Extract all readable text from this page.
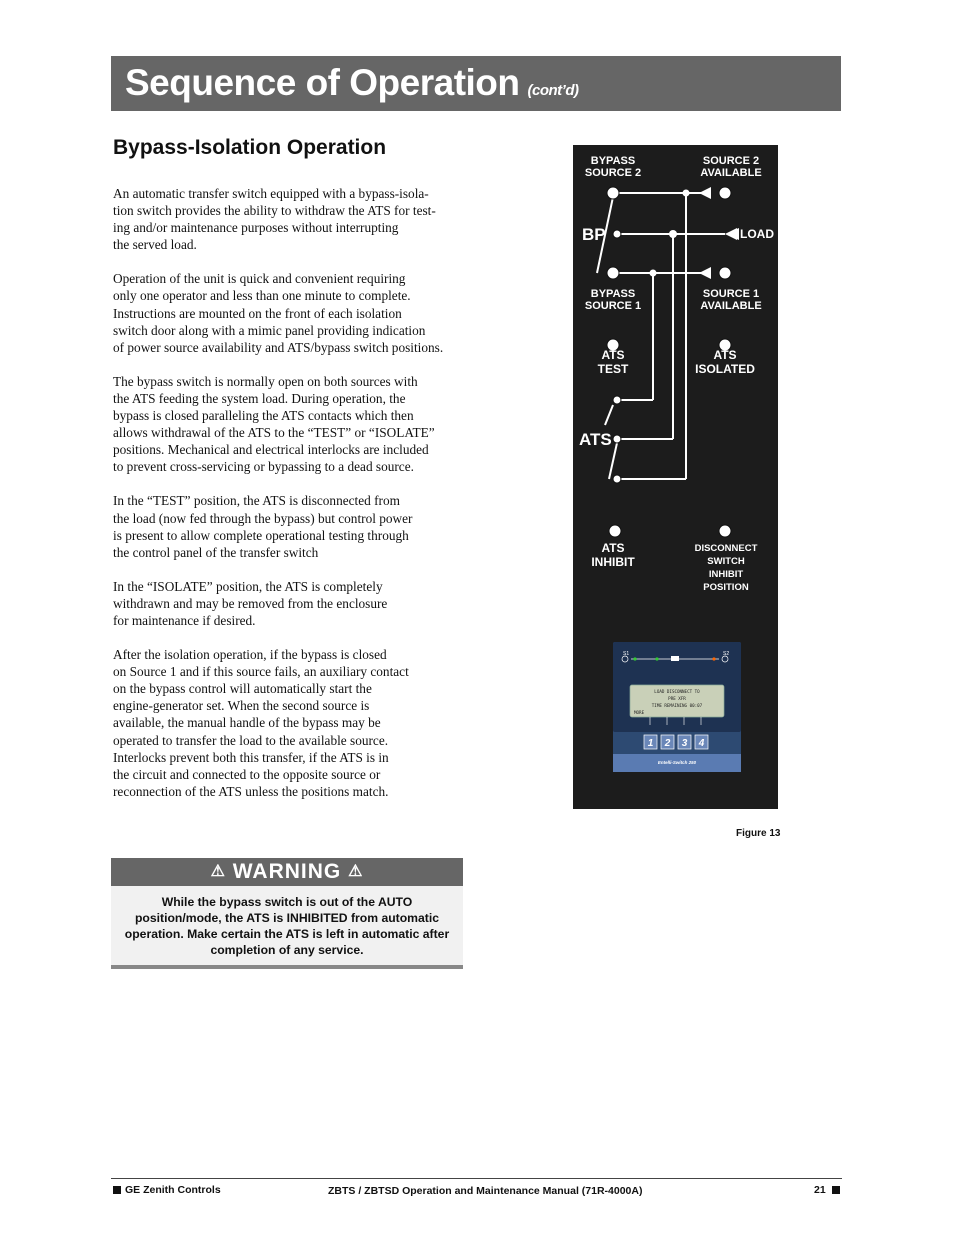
Sequence of Operation (cont’d)
Bypass-Isolation Operation

An automatic transfer switch equipped with a bypass-isola-
tion switch provides the ability to withdraw the ATS for test-
ing and/or maintenance purposes without interrupting
the served load.

Operation of the unit is quick and convenient requiring
only one operator and less than one minute to complete.
Instructions are mounted on the front of each isolation
switch door along with a mimic panel providing indication
of power source availability and ATS/bypass switch positions.

The bypass switch is normally open on both sources with
the ATS feeding the system load. During operation, the
bypass is closed paralleling the ATS contacts which then
allows withdrawal of the ATS to the “TEST” or “ISOLATE”
positions. Mechanical and electrical interlocks are included
to prevent cross-servicing or bypassing to a dead source.

In the “TEST” position, the ATS is disconnected from
the load (now fed through the bypass) but control power
is present to allow complete operational testing through
the control panel of the transfer switch

In the “ISOLATE” position, the ATS is completely
withdrawn and may be removed from the enclosure
for maintenance if desired.

After the isolation operation, if the bypass is closed
on Source 1 and if this source fails, an auxiliary contact
on the bypass control will automatically start the
engine-generator set. When the second source is
available, the manual handle of the bypass may be
operated to transfer the load to the available source.
Interlocks prevent both this transfer, if the ATS is in
the circuit and connected to the opposite source or
reconnection of the ATS unless the positions match.

BYPASS
SOURCE 2
SOURCE 2
AVAILABLE
LOAD
BP
BYPASS
SOURCE 1
SOURCE 1
AVAILABLE
ATS
TEST
ATS
ISOLATED
ATS
ATS
INHIBIT
DISCONNECT
SWITCH
INHIBIT
POSITION
S1	S2
LOAD DISCONNECT TO
PRE XFR
TIME REMAINING 00:07
MORE
1 2 3 4
Entelli-Switch 250
Figure 13
⚠ WARNING ⚠
While the bypass switch is out of the AUTO position/mode, the ATS is INHIBITED from automatic operation. Make certain the ATS is left in automatic after completion of any service.
GE Zenith Controls	ZBTS / ZBTSD Operation and Maintenance Manual (71R-4000A)	21
